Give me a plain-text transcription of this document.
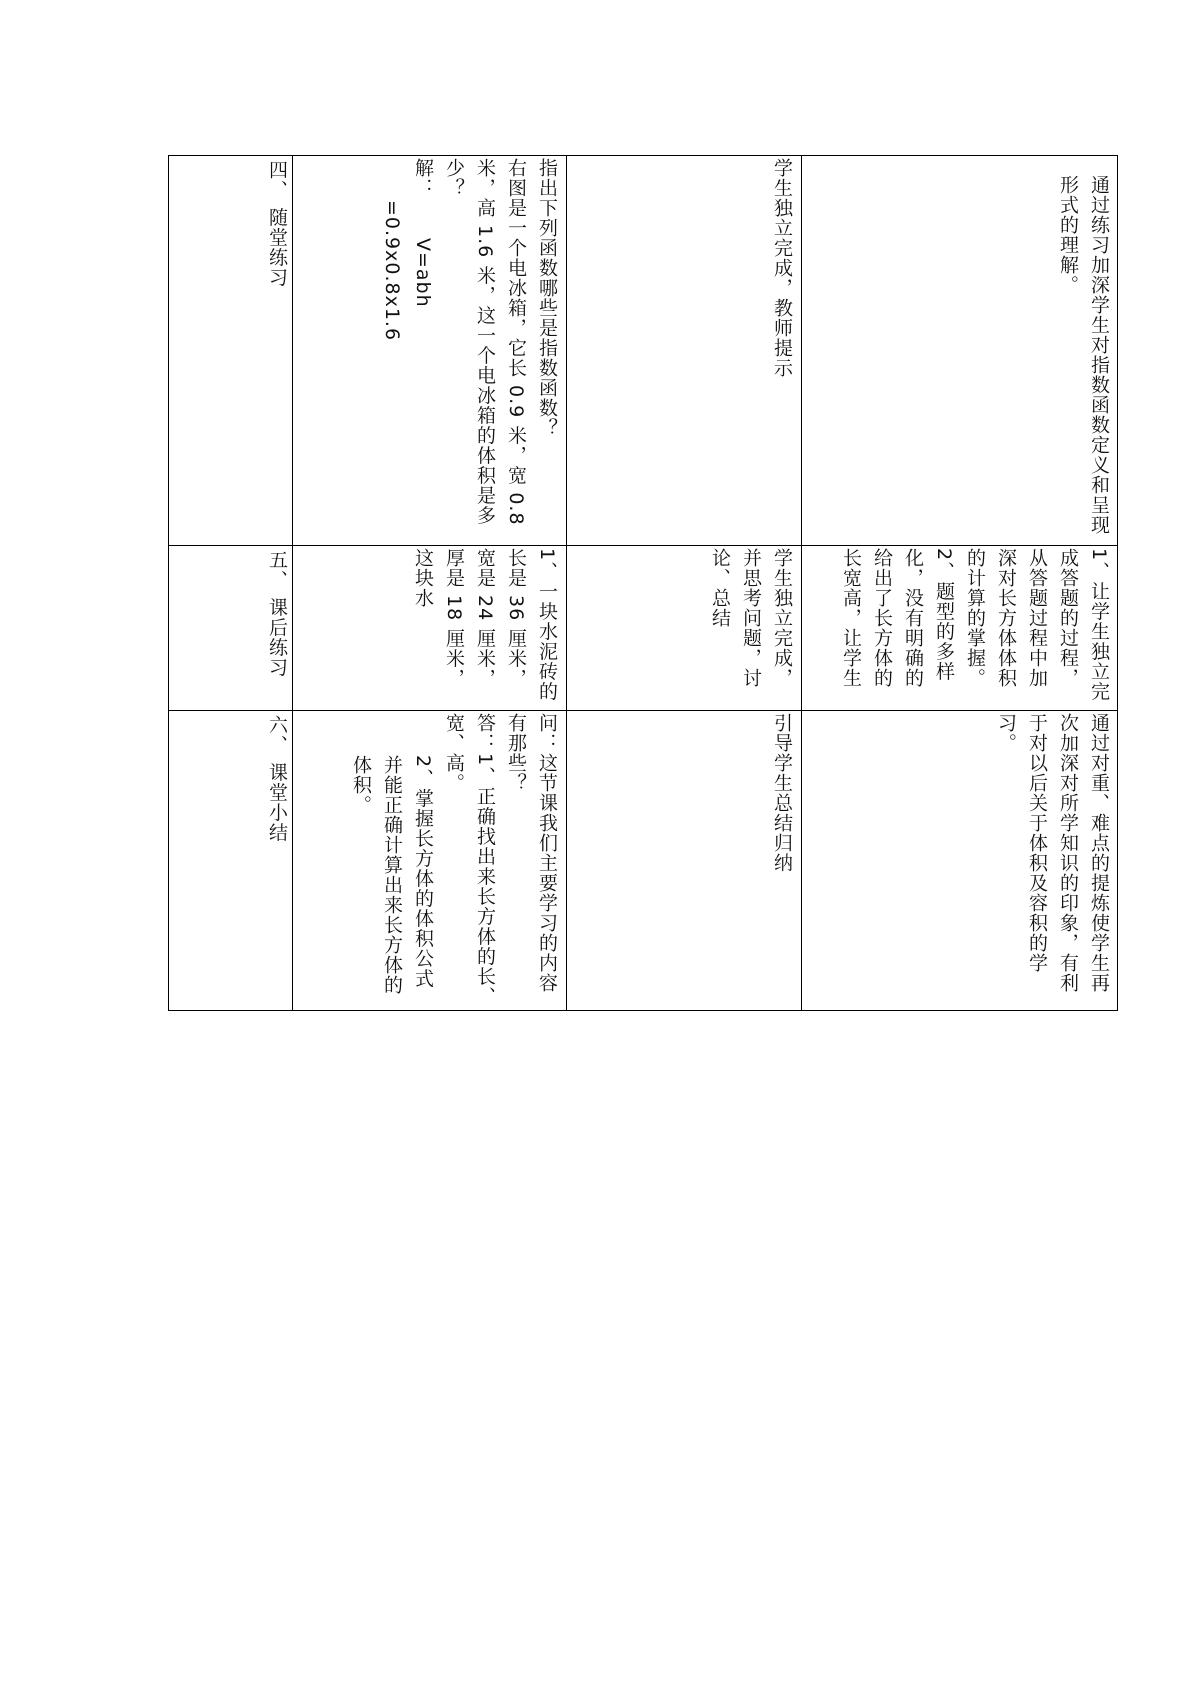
四、 随堂练习	指出下列函数哪些是指数函数？

右图是一个电冰箱，它长 0.9 米，宽 0.8 米，高 1.6 米，这一个电冰箱的体积是多少？

解：　　V=abh

=0.9x0.8x1.6	学生独立完成，教师提示	通过练习加深学生对指数函数定义和呈现形式的理解。

五、 课后练习	1、一块水泥砖的长是 36 厘米，宽是 24 厘米，厚是 18 厘米，这块水	学生独立完成，并思考问题，讨论、总结	1、让学生独立完成答题的过程，从答题过程中加深对长方体体积的计算的掌握。

2、题型的多样化，没有明确的给出了长方体的长宽高，让学生

六、 课堂小结	问：这节课我们主要学习的内容有那些？

答：1、正确找出来长方体的长、宽、高。

2、掌握长方体的体积公式并能正确计算出来长方体的体积。	引导学生总结归纳	通过对重、难点的提炼使学生再次加深对所学知识的印象，有利于对以后关于体积及容积的学习。
